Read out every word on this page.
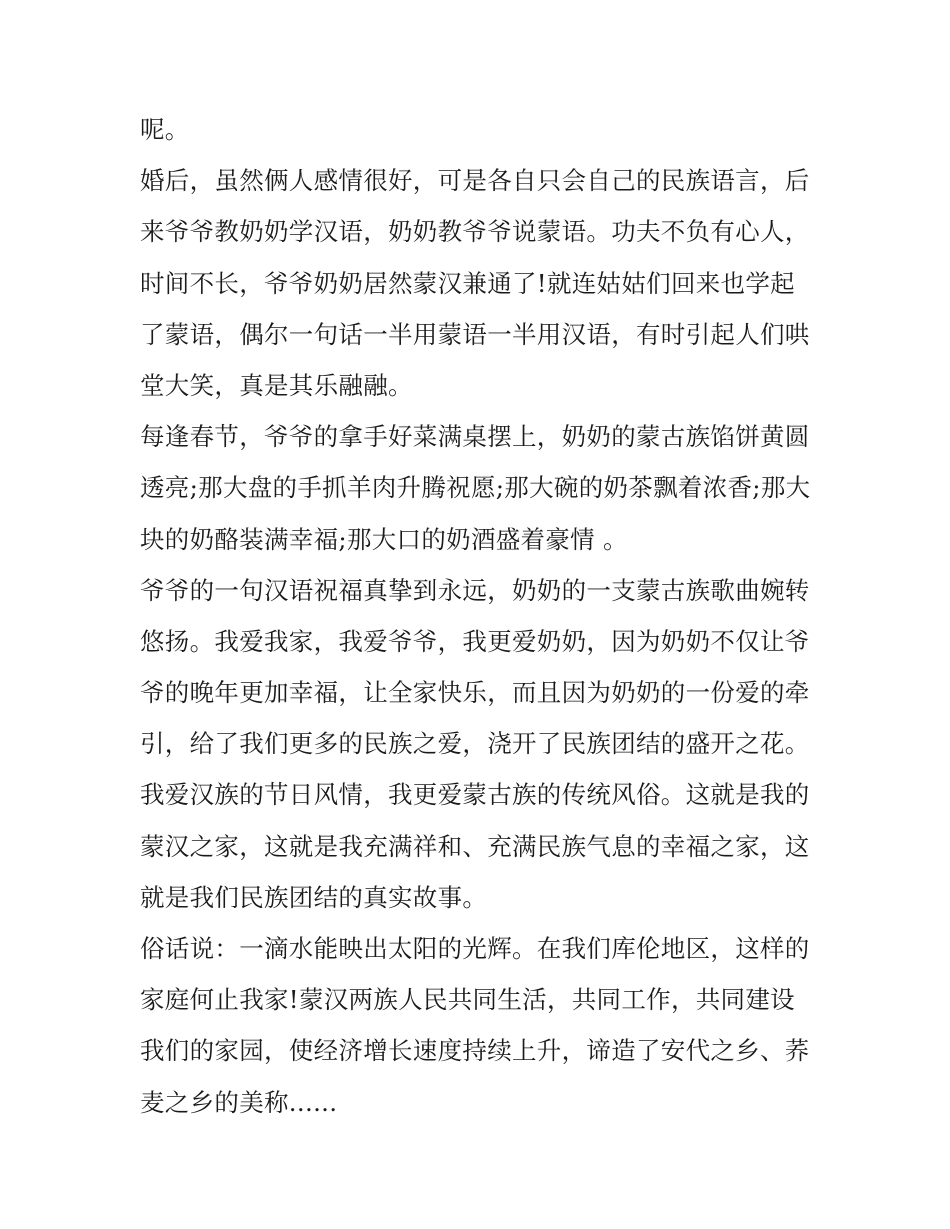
呢。

婚后，虽然俩人感情很好，可是各自只会自己的民族语言，后
来爷爷教奶奶学汉语，奶奶教爷爷说蒙语。功夫不负有心人，
时间不长，爷爷奶奶居然蒙汉兼通了!就连姑姑们回来也学起
了蒙语，偶尔一句话一半用蒙语一半用汉语，有时引起人们哄
堂大笑，真是其乐融融。

每逢春节，爷爷的拿手好菜满桌摆上，奶奶的蒙古族馅饼黄圆
透亮;那大盘的手抓羊肉升腾祝愿;那大碗的奶茶飘着浓香;那大
块的奶酪装满幸福;那大口的奶酒盛着豪情 。

爷爷的一句汉语祝福真挚到永远，奶奶的一支蒙古族歌曲婉转
悠扬。我爱我家，我爱爷爷，我更爱奶奶，因为奶奶不仅让爷
爷的晚年更加幸福，让全家快乐，而且因为奶奶的一份爱的牵
引，给了我们更多的民族之爱，浇开了民族团结的盛开之花。
我爱汉族的节日风情，我更爱蒙古族的传统风俗。这就是我的
蒙汉之家，这就是我充满祥和、充满民族气息的幸福之家，这
就是我们民族团结的真实故事。

俗话说：一滴水能映出太阳的光辉。在我们库伦地区，这样的
家庭何止我家!蒙汉两族人民共同生活，共同工作，共同建设
我们的家园，使经济增长速度持续上升，谛造了安代之乡、荞
麦之乡的美称......
